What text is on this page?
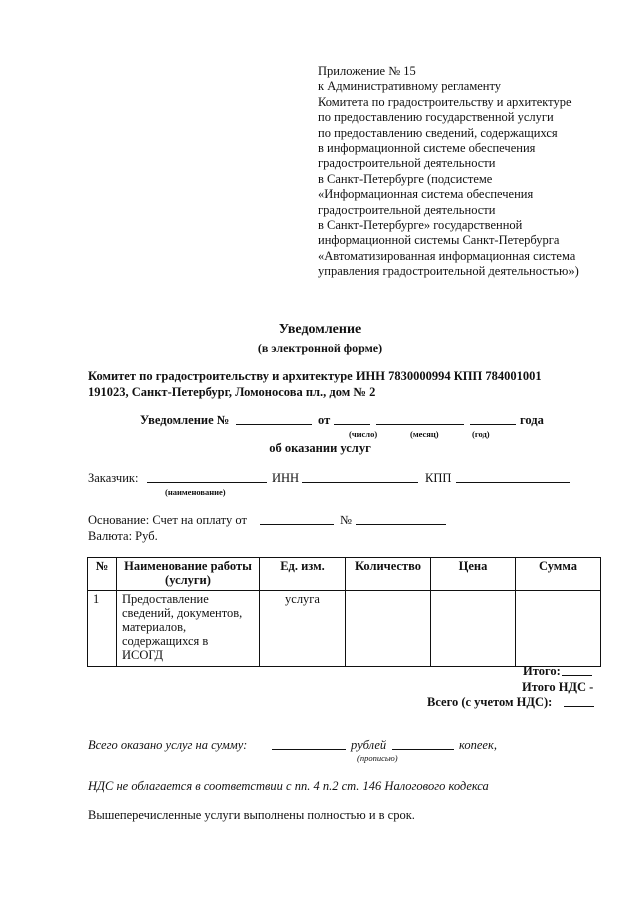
Приложение № 15
к Административному регламенту
Комитета по градостроительству и архитектуре
по предоставлению государственной услуги
по предоставлению сведений, содержащихся
в информационной системе обеспечения
градостроительной деятельности
в Санкт-Петербурге (подсистеме
«Информационная система обеспечения
градостроительной деятельности
в Санкт-Петербурге» государственной
информационной системы Санкт-Петербурга
«Автоматизированная информационная система
управления градостроительной деятельностью»)
Уведомление
(в электронной форме)
Комитет по градостроительству и архитектуре ИНН 7830000994 КПП 784001001
191023, Санкт-Петербург, Ломоносова пл., дом № 2
Уведомление №	от	года
(число)	(месяц)	(год)
об оказании услуг
Заказчик:	ИНН	КПП
(наименование)
Основание: Счет на оплату от	№
Валюта: Руб.
№	Наименование работы (услуги)	Ед. изм.	Количество	Цена	Сумма
1	Предоставление
сведений, документов,
материалов,
содержащихся в
ИСОГД	услуга			
Итого:
Итого НДС -
Всего (с учетом НДС):
Всего оказано услуг на сумму:	рублей	копеек,
(прописью)
НДС не облагается в соответствии с пп. 4 п.2 ст. 146 Налогового кодекса
Вышеперечисленные услуги выполнены полностью и в срок.
